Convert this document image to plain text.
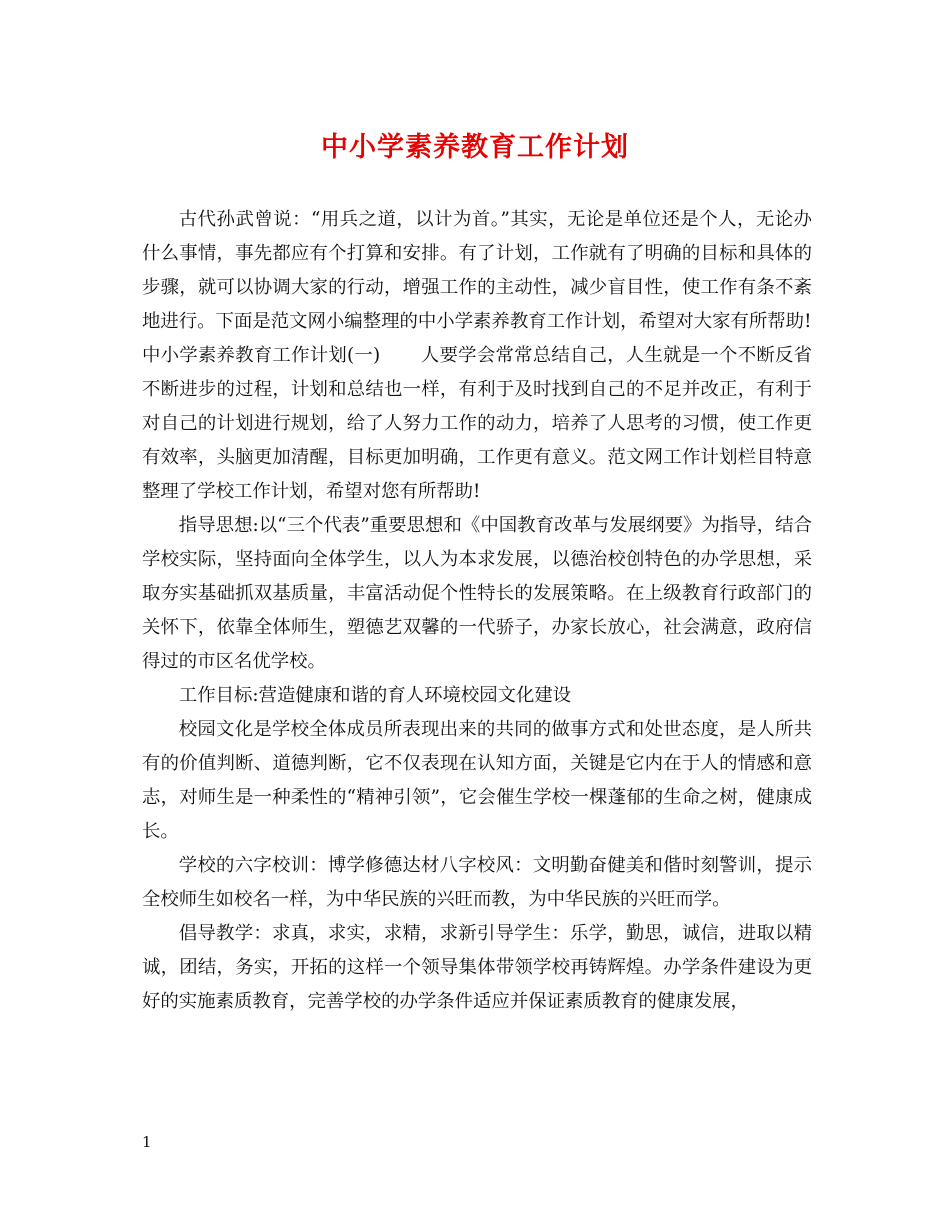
中小学素养教育工作计划

古代孙武曾说：“用兵之道，以计为首。”其实，无论是单位还是个人，无论办什么事情，事先都应有个打算和安排。有了计划，工作就有了明确的目标和具体的步骤，就可以协调大家的行动，增强工作的主动性，减少盲目性，使工作有条不紊地进行。下面是范文网小编整理的中小学素养教育工作计划，希望对大家有所帮助!

中小学素养教育工作计划(一) 人要学会常常总结自己，人生就是一个不断反省不断进步的过程，计划和总结也一样，有利于及时找到自己的不足并改正，有利于对自己的计划进行规划，给了人努力工作的动力，培养了人思考的习惯，使工作更有效率，头脑更加清醒，目标更加明确，工作更有意义。范文网工作计划栏目特意整理了学校工作计划，希望对您有所帮助!

指导思想:以“三个代表”重要思想和《中国教育改革与发展纲要》为指导，结合学校实际，坚持面向全体学生，以人为本求发展，以德治校创特色的办学思想，采取夯实基础抓双基质量，丰富活动促个性特长的发展策略。在上级教育行政部门的关怀下，依靠全体师生，塑德艺双馨的一代骄子，办家长放心，社会满意，政府信得过的市区名优学校。

工作目标:营造健康和谐的育人环境校园文化建设

校园文化是学校全体成员所表现出来的共同的做事方式和处世态度，是人所共有的价值判断、道德判断，它不仅表现在认知方面，关键是它内在于人的情感和意志，对师生是一种柔性的“精神引领”，它会催生学校一棵蓬郁的生命之树，健康成长。

学校的六字校训：博学修德达材八字校风：文明勤奋健美和偕时刻警训，提示全校师生如校名一样，为中华民族的兴旺而教，为中华民族的兴旺而学。

倡导教学：求真，求实，求精，求新引导学生：乐学，勤思，诚信，进取以精诚，团结，务实，开拓的这样一个领导集体带领学校再铸辉煌。办学条件建设为更好的实施素质教育，完善学校的办学条件适应并保证素质教育的健康发展，

1
